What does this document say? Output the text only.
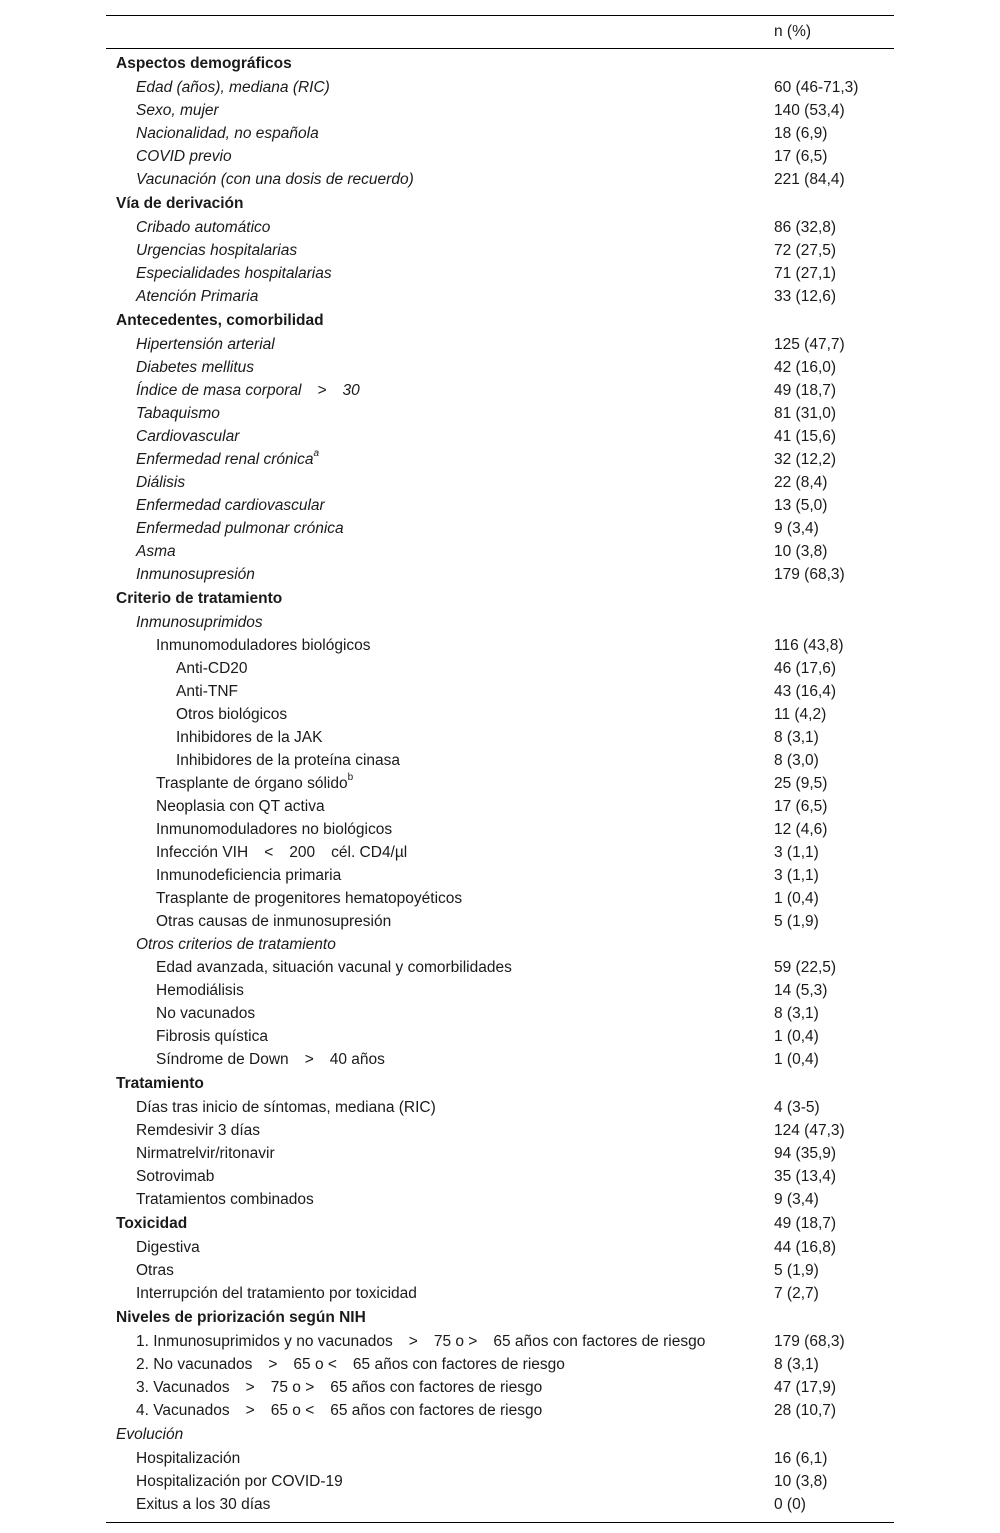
n (%)
Aspectos demográficos
Edad (años), mediana (RIC)	60 (46-71,3)
Sexo, mujer	140 (53,4)
Nacionalidad, no española	18 (6,9)
COVID previo	17 (6,5)
Vacunación (con una dosis de recuerdo)	221 (84,4)
Vía de derivación
Cribado automático	86 (32,8)
Urgencias hospitalarias	72 (27,5)
Especialidades hospitalarias	71 (27,1)
Atención Primaria	33 (12,6)
Antecedentes, comorbilidad
Hipertensión arterial	125 (47,7)
Diabetes mellitus	42 (16,0)
Índice de masa corporal > 30	49 (18,7)
Tabaquismo	81 (31,0)
Cardiovascular	41 (15,6)
Enfermedad renal crónica$^a$	32 (12,2)
Diálisis	22 (8,4)
Enfermedad cardiovascular	13 (5,0)
Enfermedad pulmonar crónica	9 (3,4)
Asma	10 (3,8)
Inmunosupresión	179 (68,3)
Criterio de tratamiento
Inmunosuprimidos
Inmunomoduladores biológicos	116 (43,8)
Anti-CD20	46 (17,6)
Anti-TNF	43 (16,4)
Otros biológicos	11 (4,2)
Inhibidores de la JAK	8 (3,1)
Inhibidores de la proteína cinasa	8 (3,0)
Trasplante de órgano sólido$^b$	25 (9,5)
Neoplasia con QT activa	17 (6,5)
Inmunomoduladores no biológicos	12 (4,6)
Infección VIH < 200 cél. CD4/µl	3 (1,1)
Inmunodeficiencia primaria	3 (1,1)
Trasplante de progenitores hematopoyéticos	1 (0,4)
Otras causas de inmunosupresión	5 (1,9)
Otros criterios de tratamiento
Edad avanzada, situación vacunal y comorbilidades	59 (22,5)
Hemodiálisis	14 (5,3)
No vacunados	8 (3,1)
Fibrosis quística	1 (0,4)
Síndrome de Down > 40 años	1 (0,4)
Tratamiento
Días tras inicio de síntomas, mediana (RIC)	4 (3-5)
Remdesivir 3 días	124 (47,3)
Nirmatrelvir/ritonavir	94 (35,9)
Sotrovimab	35 (13,4)
Tratamientos combinados	9 (3,4)
Toxicidad	49 (18,7)
Digestiva	44 (16,8)
Otras	5 (1,9)
Interrupción del tratamiento por toxicidad	7 (2,7)
Niveles de priorización según NIH
1. Inmunosuprimidos y no vacunados > 75 o > 65 años con factores de riesgo	179 (68,3)
2. No vacunados > 65 o < 65 años con factores de riesgo	8 (3,1)
3. Vacunados > 75 o > 65 años con factores de riesgo	47 (17,9)
4. Vacunados > 65 o < 65 años con factores de riesgo	28 (10,7)
Evolución
Hospitalización	16 (6,1)
Hospitalización por COVID-19	10 (3,8)
Exitus a los 30 días	0 (0)
